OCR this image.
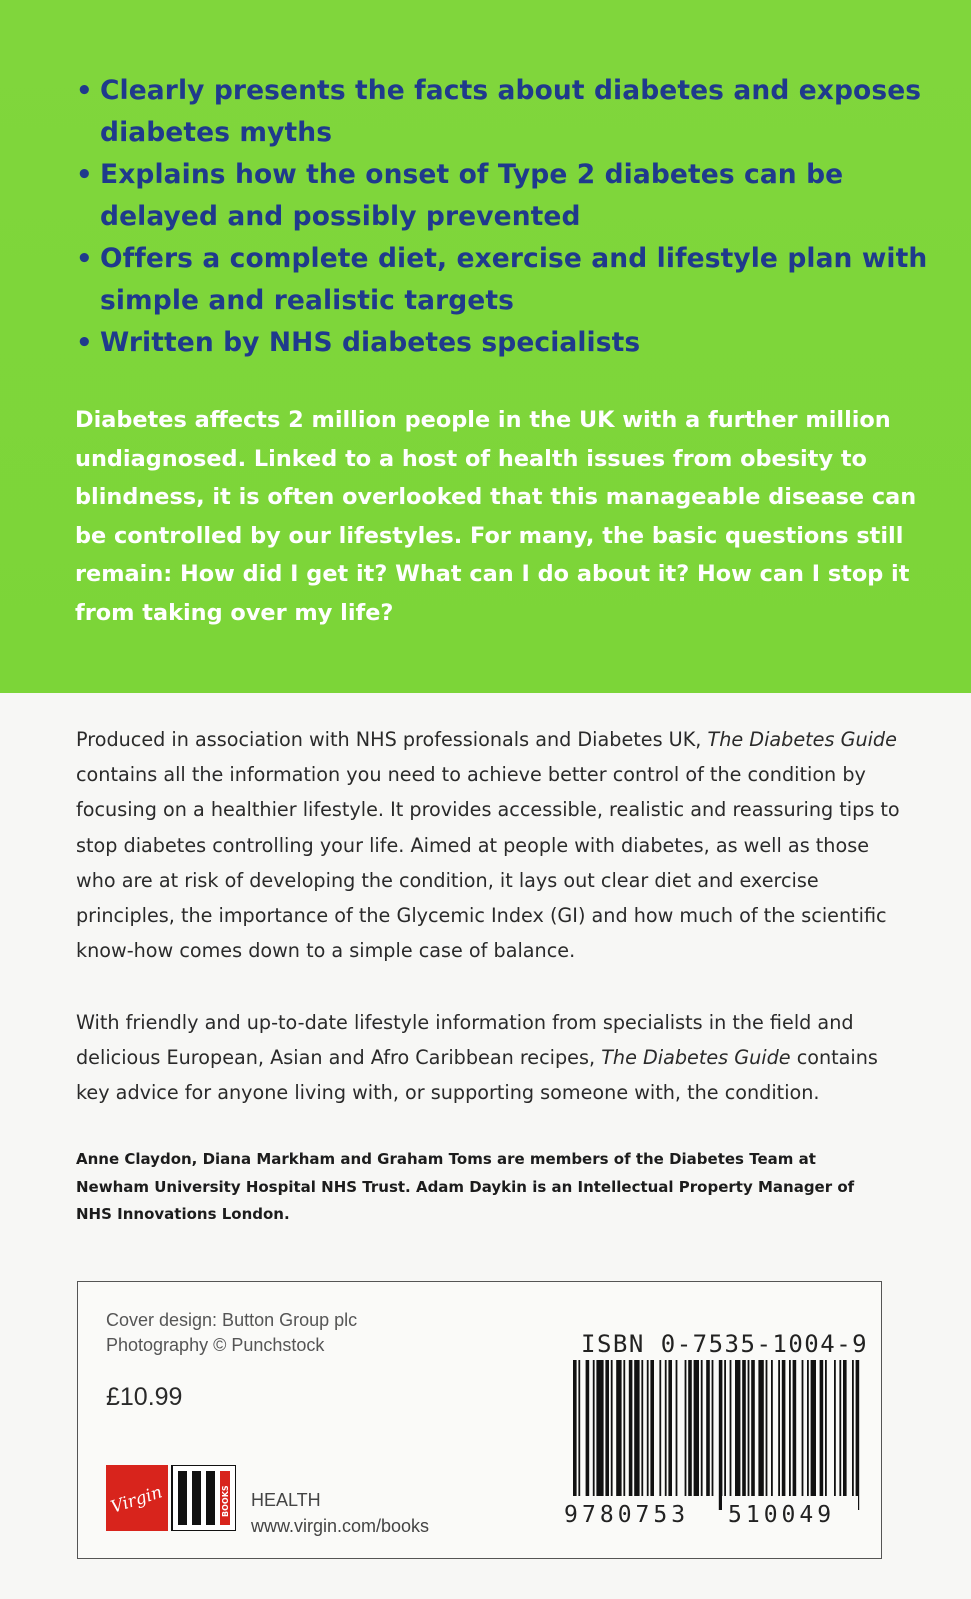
• Clearly presents the facts about diabetes and exposes diabetes myths
• Explains how the onset of Type 2 diabetes can be delayed and possibly prevented
• Offers a complete diet, exercise and lifestyle plan with simple and realistic targets
• Written by NHS diabetes specialists

Diabetes affects 2 million people in the UK with a further million undiagnosed. Linked to a host of health issues from obesity to blindness, it is often overlooked that this manageable disease can be controlled by our lifestyles. For many, the basic questions still remain: How did I get it? What can I do about it? How can I stop it from taking over my life?

Produced in association with NHS professionals and Diabetes UK, The Diabetes Guide contains all the information you need to achieve better control of the condition by focusing on a healthier lifestyle. It provides accessible, realistic and reassuring tips to stop diabetes controlling your life. Aimed at people with diabetes, as well as those who are at risk of developing the condition, it lays out clear diet and exercise principles, the importance of the Glycemic Index (GI) and how much of the scientific know-how comes down to a simple case of balance.

With friendly and up-to-date lifestyle information from specialists in the field and delicious European, Asian and Afro Caribbean recipes, The Diabetes Guide contains key advice for anyone living with, or supporting someone with, the condition.

Anne Claydon, Diana Markham and Graham Toms are members of the Diabetes Team at Newham University Hospital NHS Trust. Adam Daykin is an Intellectual Property Manager of NHS Innovations London.

Cover design: Button Group plc
Photography © Punchstock
£10.99
Virgin	BOOKS HEALTH
www.virgin.com/books
ISBN 0-7535-1004-9
9 780753 510049
